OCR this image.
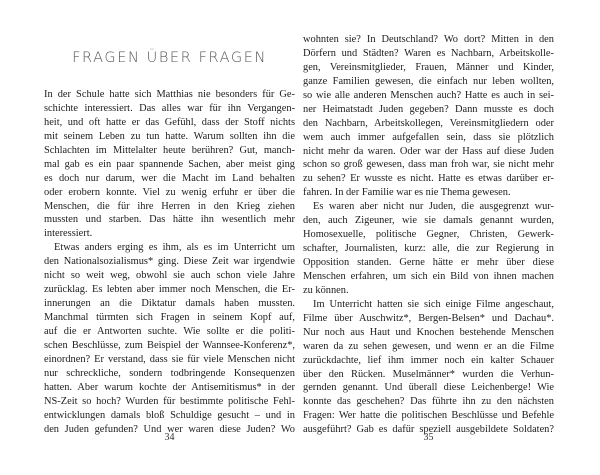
FRAGEN ÜBER FRAGEN
In der Schule hatte sich Matthias nie besonders für Ge-
schichte interessiert. Das alles war für ihn Vergangen-
heit, und oft hatte er das Gefühl, dass der Stoff nichts
mit seinem Leben zu tun hatte. Warum sollten ihn die
Schlachten im Mittelalter heute berühren? Gut, manch-
mal gab es ein paar spannende Sachen, aber meist ging
es doch nur darum, wer die Macht im Land behalten
oder erobern konnte. Viel zu wenig erfuhr er über die
Menschen, die für ihre Herren in den Krieg ziehen
mussten und starben. Das hätte ihn wesentlich mehr
interessiert.
Etwas anders erging es ihm, als es im Unterricht um
den Nationalsozialismus* ging. Diese Zeit war irgendwie
nicht so weit weg, obwohl sie auch schon viele Jahre
zurücklag. Es lebten aber immer noch Menschen, die Er-
innerungen an die Diktatur damals haben mussten.
Manchmal türmten sich Fragen in seinem Kopf auf,
auf die er Antworten suchte. Wie sollte er die politi-
schen Beschlüsse, zum Beispiel der Wannsee-Konferenz*,
einordnen? Er verstand, dass sie für viele Menschen nicht
nur schreckliche, sondern todbringende Konsequenzen
hatten. Aber warum kochte der Antisemitismus* in der
NS-Zeit so hoch? Wurden für bestimmte politische Fehl-
entwicklungen damals bloß Schuldige gesucht – und in
den Juden gefunden? Und wer waren diese Juden? Wo
34
wohnten sie? In Deutschland? Wo dort? Mitten in den
Dörfern und Städten? Waren es Nachbarn, Arbeitskolle-
gen, Vereinsmitglieder, Frauen, Männer und Kinder,
ganze Familien gewesen, die einfach nur leben wollten,
so wie alle anderen Menschen auch? Hatte es auch in sei-
ner Heimatstadt Juden gegeben? Dann musste es doch
den Nachbarn, Arbeitskollegen, Vereinsmitgliedern oder
wem auch immer aufgefallen sein, dass sie plötzlich
nicht mehr da waren. Oder war der Hass auf diese Juden
schon so groß gewesen, dass man froh war, sie nicht mehr
zu sehen? Er wusste es nicht. Hatte es etwas darüber er-
fahren. In der Familie war es nie Thema gewesen.
Es waren aber nicht nur Juden, die ausgegrenzt wur-
den, auch Zigeuner, wie sie damals genannt wurden,
Homosexuelle, politische Gegner, Christen, Gewerk-
schafter, Journalisten, kurz: alle, die zur Regierung in
Opposition standen. Gerne hätte er mehr über diese
Menschen erfahren, um sich ein Bild von ihnen machen
zu können.
Im Unterricht hatten sie sich einige Filme angeschaut,
Filme über Auschwitz*, Bergen-Belsen* und Dachau*.
Nur noch aus Haut und Knochen bestehende Menschen
waren da zu sehen gewesen, und wenn er an die Filme
zurückdachte, lief ihm immer noch ein kalter Schauer
über den Rücken. Muselmänner* wurden die Verhun-
gernden genannt. Und überall diese Leichenberge! Wie
konnte das geschehen? Das führte ihn zu den nächsten
Fragen: Wer hatte die politischen Beschlüsse und Befehle
ausgeführt? Gab es dafür speziell ausgebildete Soldaten?
35
